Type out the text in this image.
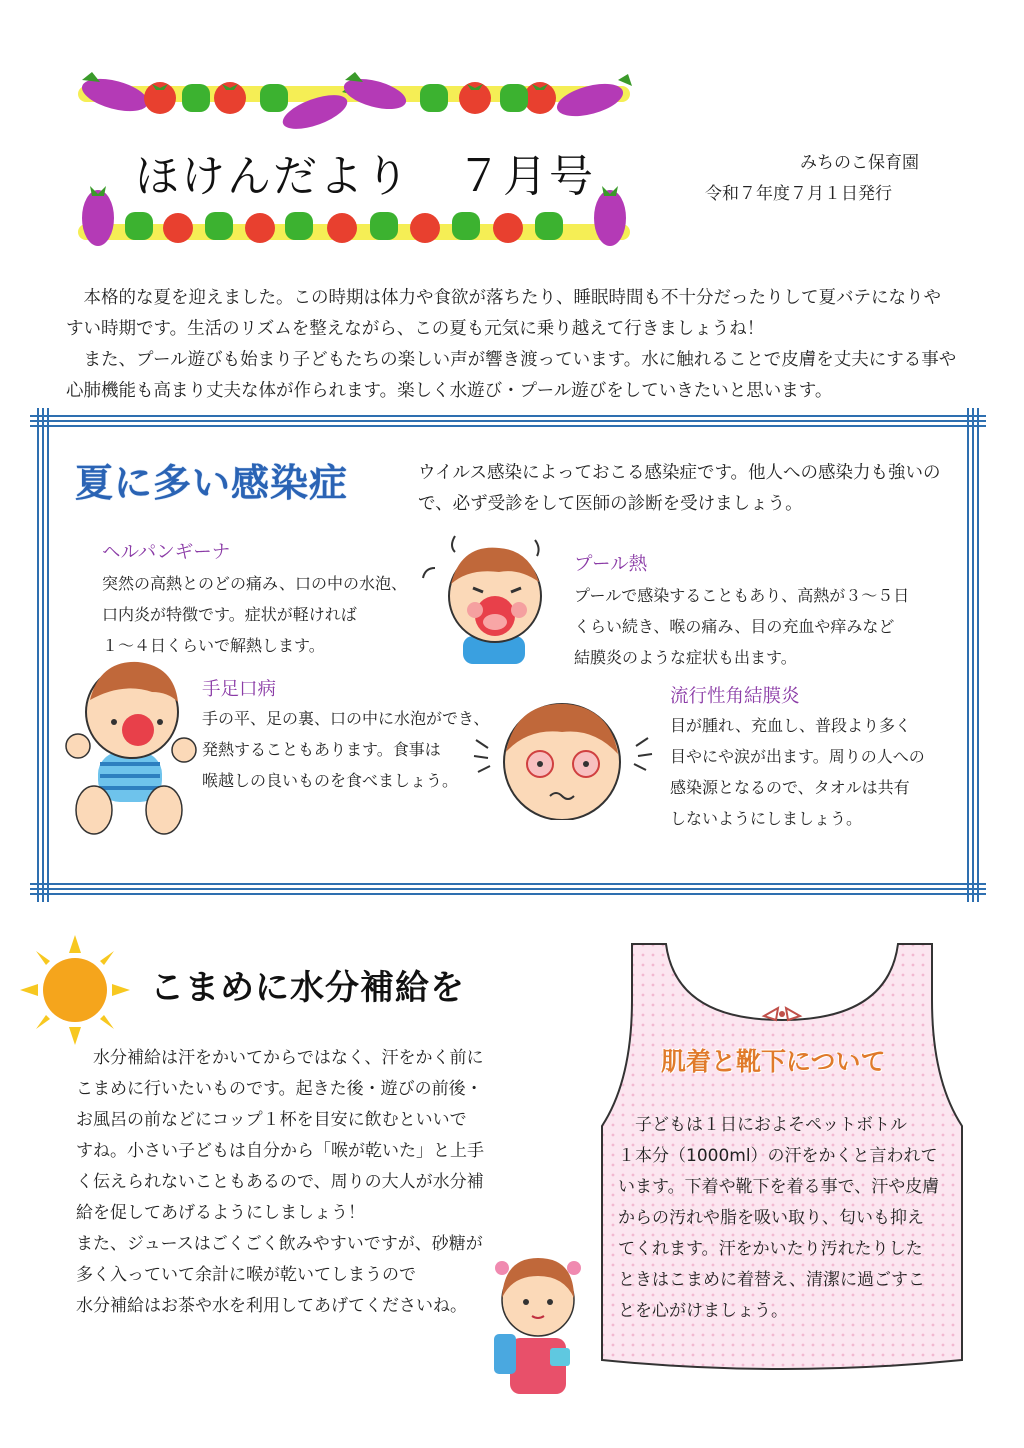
ほけんだより　７月号	みちのこ保育園
令和７年度７月１日発行

　本格的な夏を迎えました。この時期は体力や食欲が落ちたり、睡眠時間も不十分だったりして夏バテになりやすい時期です。生活のリズムを整えながら、この夏も元気に乗り越えて行きましょうね！

　また、プール遊びも始まり子どもたちの楽しい声が響き渡っています。水に触れることで皮膚を丈夫にする事や心肺機能も高まり丈夫な体が作られます。楽しく水遊び・プール遊びをしていきたいと思います。

夏に多い感染症	ウイルス感染によっておこる感染症です。他人への感染力も強いので、必ず受診をして医師の診断を受けましょう。
ヘルパンギーナ
突然の高熱とのどの痛み、口の中の水泡、
口内炎が特徴です。症状が軽ければ
１～４日くらいで解熱します。
プール熱
プールで感染することもあり、高熱が３～５日
くらい続き、喉の痛み、目の充血や痒みなど
結膜炎のような症状も出ます。
手足口病
手の平、足の裏、口の中に水泡ができ、
発熱することもあります。食事は
喉越しの良いものを食べましょう。
流行性角結膜炎
目が腫れ、充血し、普段より多く
目やにや涙が出ます。周りの人への
感染源となるので、タオルは共有
しないようにしましょう。
こまめに水分補給を

　水分補給は汗をかいてからではなく、汗をかく前に

こまめに行いたいものです。起きた後・遊びの前後・

お風呂の前などにコップ１杯を目安に飲むといいで

すね。小さい子どもは自分から「喉が乾いた」と上手

く伝えられないこともあるので、周りの大人が水分補

給を促してあげるようにしましょう！

また、ジュースはごくごく飲みやすいですが、砂糖が

多く入っていて余計に喉が乾いてしまうので

水分補給はお茶や水を利用してあげてくださいね。

肌着と靴下について
　子どもは１日におよそペットボトル
１本分（1000ml）の汗をかくと言われて
います。下着や靴下を着る事で、汗や皮膚
からの汚れや脂を吸い取り、匂いも抑え
てくれます。汗をかいたり汚れたりした
ときはこまめに着替え、清潔に過ごすこ
とを心がけましょう。
